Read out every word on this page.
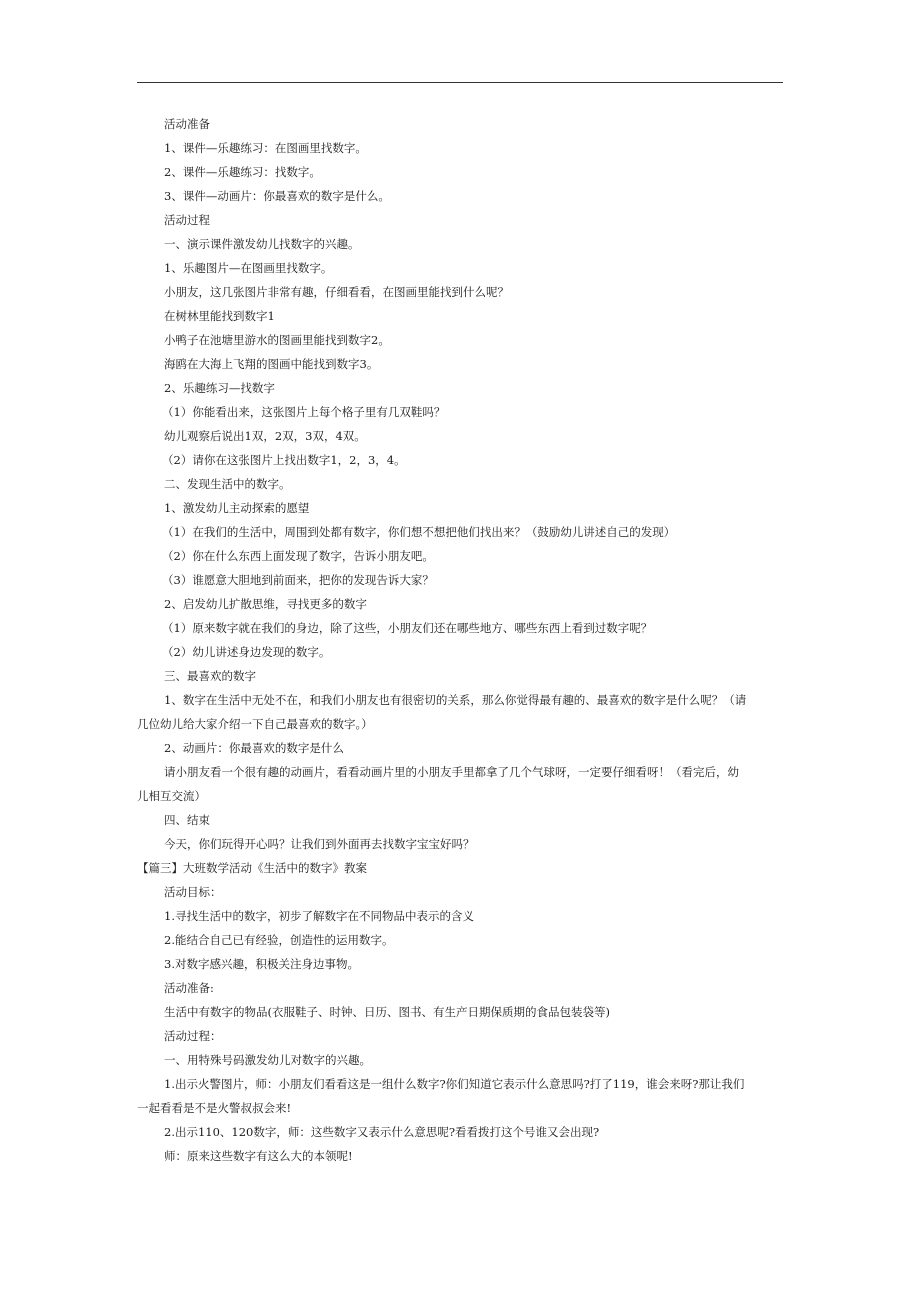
活动准备
1、课件—乐趣练习：在图画里找数字。
2、课件—乐趣练习：找数字。
3、课件—动画片：你最喜欢的数字是什么。
活动过程
一、演示课件激发幼儿找数字的兴趣。
1、乐趣图片—在图画里找数字。
小朋友，这几张图片非常有趣，仔细看看，在图画里能找到什么呢？
在树林里能找到数字1
小鸭子在池塘里游水的图画里能找到数字2。
海鸥在大海上飞翔的图画中能找到数字3。
2、乐趣练习—找数字
（1）你能看出来，这张图片上每个格子里有几双鞋吗？
幼儿观察后说出1双，2双，3双，4双。
（2）请你在这张图片上找出数字1，2，3，4。
二、发现生活中的数字。
1、激发幼儿主动探索的愿望
（1）在我们的生活中，周围到处都有数字，你们想不想把他们找出来？（鼓励幼儿讲述自己的发现）
（2）你在什么东西上面发现了数字，告诉小朋友吧。
（3）谁愿意大胆地到前面来，把你的发现告诉大家？
2、启发幼儿扩散思维，寻找更多的数字
（1）原来数字就在我们的身边，除了这些，小朋友们还在哪些地方、哪些东西上看到过数字呢？
（2）幼儿讲述身边发现的数字。
三、最喜欢的数字
1、数字在生活中无处不在，和我们小朋友也有很密切的关系，那么你觉得最有趣的、最喜欢的数字是什么呢？（请
几位幼儿给大家介绍一下自己最喜欢的数字。）
2、动画片：你最喜欢的数字是什么
请小朋友看一个很有趣的动画片，看看动画片里的小朋友手里都拿了几个气球呀，一定要仔细看呀！（看完后，幼
儿相互交流）
四、结束
今天，你们玩得开心吗？让我们到外面再去找数字宝宝好吗？
【篇三】大班数学活动《生活中的数字》教案
活动目标：
1.寻找生活中的数字，初步了解数字在不同物品中表示的含义
2.能结合自己已有经验，创造性的运用数字。
3.对数字感兴趣，积极关注身边事物。
活动准备:
生活中有数字的物品(衣服鞋子、时钟、日历、图书、有生产日期保质期的食品包装袋等)
活动过程：
一、用特殊号码激发幼儿对数字的兴趣。
1.出示火警图片，师：小朋友们看看这是一组什么数字?你们知道它表示什么意思吗?打了119，谁会来呀?那让我们
一起看看是不是火警叔叔会来!
2.出示110、120数字，师：这些数字又表示什么意思呢?看看拨打这个号谁又会出现?
师：原来这些数字有这么大的本领呢!
